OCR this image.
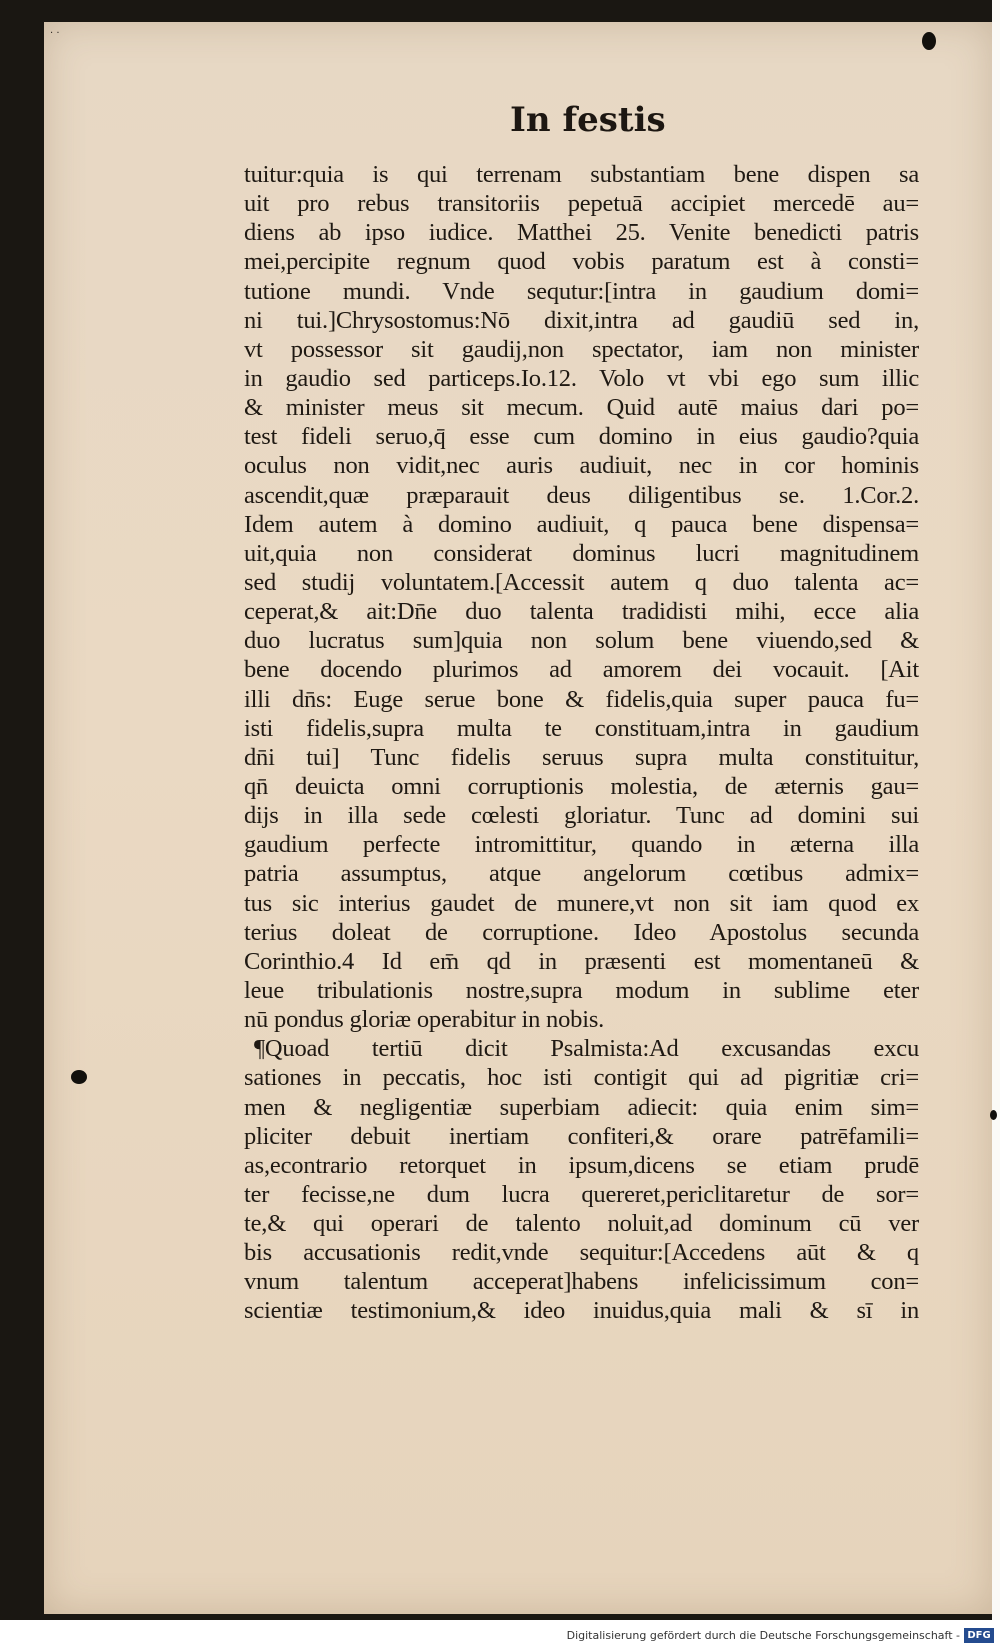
· ·
In festis
tuitur:quia is qui terrenam substantiam bene dispen sa
uit pro rebus transitoriis pepetuā accipiet mercedē au=
diens ab ipso iudice. Matthei 25. Venite benedicti patris
mei,percipite regnum quod vobis paratum est à consti=
tutione mundi. Vnde sequtur:[intra in gaudium domi=
ni tui.]Chrysostomus:Nō dixit,intra ad gaudiū sed in,
vt possessor sit gaudij,non spectator, iam non minister
in gaudio sed particeps.Io.12. Volo vt vbi ego sum illic
& minister meus sit mecum. Quid autē maius dari po=
test fideli seruo,q̄ esse cum domino in eius gaudio?quia
oculus non vidit,nec auris audiuit, nec in cor hominis
ascendit,quæ præparauit deus diligentibus se. 1.Cor.2.
Idem autem à domino audiuit, q pauca bene dispensa=
uit,quia non considerat dominus lucri magnitudinem
sed studij voluntatem.[Accessit autem q duo talenta ac=
ceperat,& ait:Dn̄e duo talenta tradidisti mihi, ecce alia
duo lucratus sum]quia non solum bene viuendo,sed &
bene docendo plurimos ad amorem dei vocauit. [Ait
illi dn̄s: Euge serue bone & fidelis,quia super pauca fu=
isti fidelis,supra multa te constituam,intra in gaudium
dn̄i tui] Tunc fidelis seruus supra multa constituitur,
qn̄ deuicta omni corruptionis molestia, de æternis gau=
dijs in illa sede cœlesti gloriatur. Tunc ad domini sui
gaudium perfecte intromittitur, quando in æterna illa
patria assumptus, atque angelorum cœtibus admix=
tus sic interius gaudet de munere,vt non sit iam quod ex
terius doleat de corruptione. Ideo Apostolus secunda
Corinthio.4 Id em̄ qd in præsenti est momentaneū &
leue tribulationis nostre,supra modum in sublime eter
nū pondus gloriæ operabitur in nobis.
¶Quoad tertiū dicit Psalmista:Ad excusandas excu
sationes in peccatis, hoc isti contigit qui ad pigritiæ cri=
men & negligentiæ superbiam adiecit: quia enim sim=
pliciter debuit inertiam confiteri,& orare patrēfamili=
as,econtrario retorquet in ipsum,dicens se etiam prudē
ter fecisse,ne dum lucra quereret,periclitaretur de sor=
te,& qui operari de talento noluit,ad dominum cū ver
bis accusationis redit,vnde sequitur:[Accedens aūt & q
vnum talentum acceperat]habens infelicissimum con=
scientiæ testimonium,& ideo inuidus,quia mali & sī in
Digitalisierung gefördert durch die Deutsche Forschungsgemeinschaft - DFG
